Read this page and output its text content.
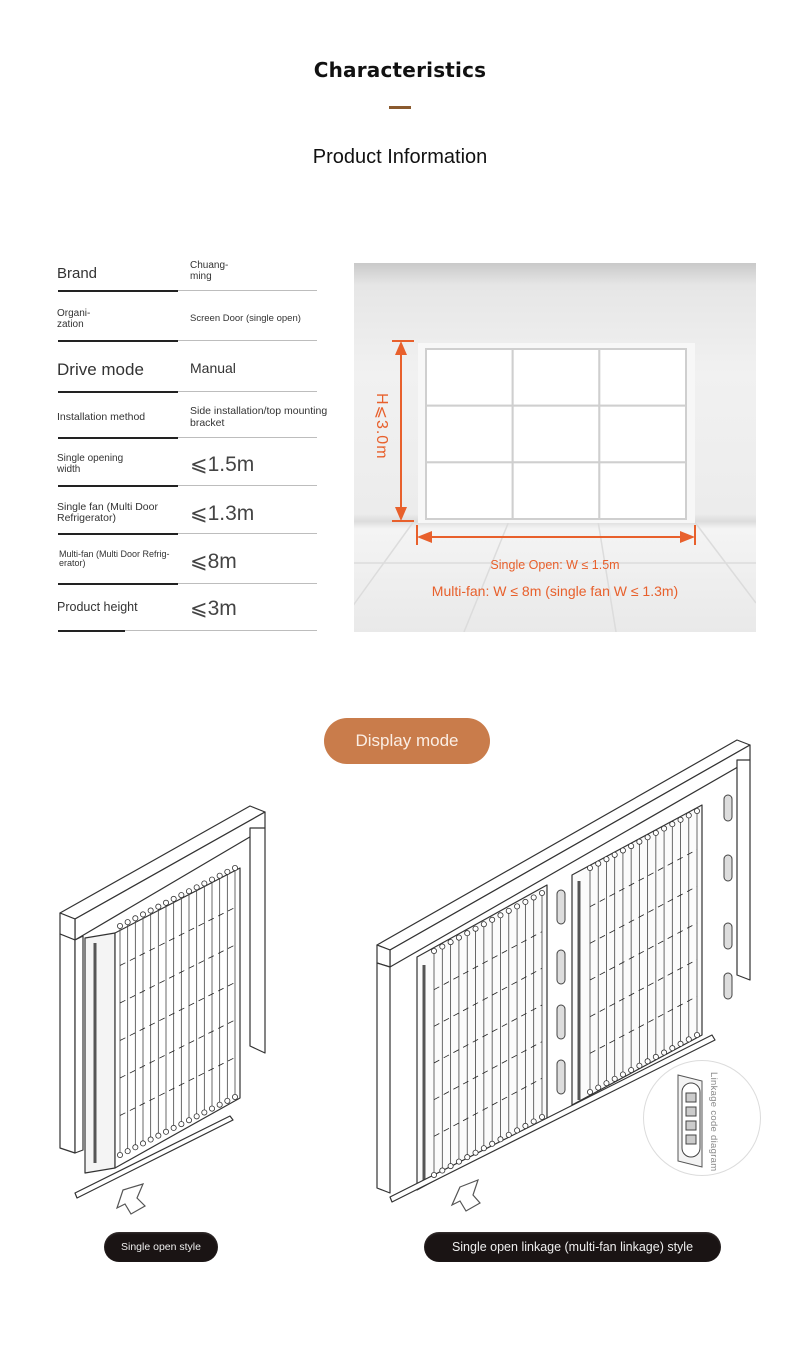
Characteristics
Product Information
Brand	Chuang-
ming
Organi-
zation	Screen Door (single open)
Drive mode	Manual
Installation method	Side installation/top mounting bracket
Single opening
width	⩽1.5m
Single fan (Multi Door
Refrigerator)	⩽1.3m
Multi-fan (Multi Door Refrig-
erator)	⩽8m
Product height ⩽3m
H⩽3.0m
Single Open: W ≤ 1.5m
Multi-fan: W ≤ 8m (single fan W ≤ 1.3m)
Display mode
Linkage code diagram
Single open style	Single open linkage (multi-fan linkage) style
